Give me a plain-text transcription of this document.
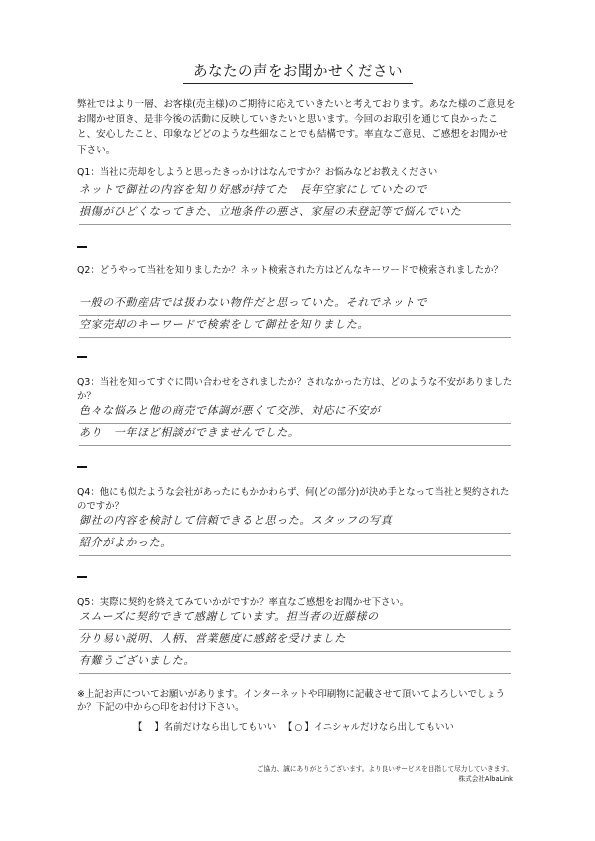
あなたの声をお聞かせください
弊社ではより一層、お客様(売主様)のご期待に応えていきたいと考えております。あなた様のご意見をお聞かせ頂き、是非今後の活動に反映していきたいと思います。今回のお取引を通じて良かったこと、安心したこと、印象などどのような些細なことでも結構です。率直なご意見、ご感想をお聞かせ下さい。
Q1：当社に売却をしようと思ったきっかけはなんですか？お悩みなどお教えください
ネットで御社の内容を知り好感が持てた　長年空家にしていたので
損傷がひどくなってきた、立地条件の悪さ、家屋の未登記等で悩んでいた
Q2：どうやって当社を知りましたか？ネット検索された方はどんなキーワードで検索されましたか？
一般の不動産店では扱わない物件だと思っていた。それでネットで
空家売却のキーワードで検索をして御社を知りました。
Q3：当社を知ってすぐに問い合わせをされましたか？されなかった方は、どのような不安がありましたか？
色々な悩みと他の商売で体調が悪くて交渉、対応に不安が
あり　一年ほど相談ができませんでした。
Q4：他にも似たような会社があったにもかかわらず、何(どの部分)が決め手となって当社と契約されたのですか？
御社の内容を検討して信頼できると思った。スタッフの写真
紹介がよかった。
Q5：実際に契約を終えてみていかがですか？率直なご感想をお聞かせ下さい。
スムーズに契約できて感謝しています。担当者の近藤様の
分り易い説明、人柄、営業態度に感銘を受けました
有難うございました。
※上記お声についてお願いがあります。インターネットや印刷物に記載させて頂いてよろしいでしょうか？下記の中から○印をお付け下さい。
【 】名前だけなら出してもいい 【 ○ 】イニシャルだけなら出してもいい
ご協力、誠にありがとうございます。より良いサービスを目指して尽力していきます。
株式会社AlbaLink
